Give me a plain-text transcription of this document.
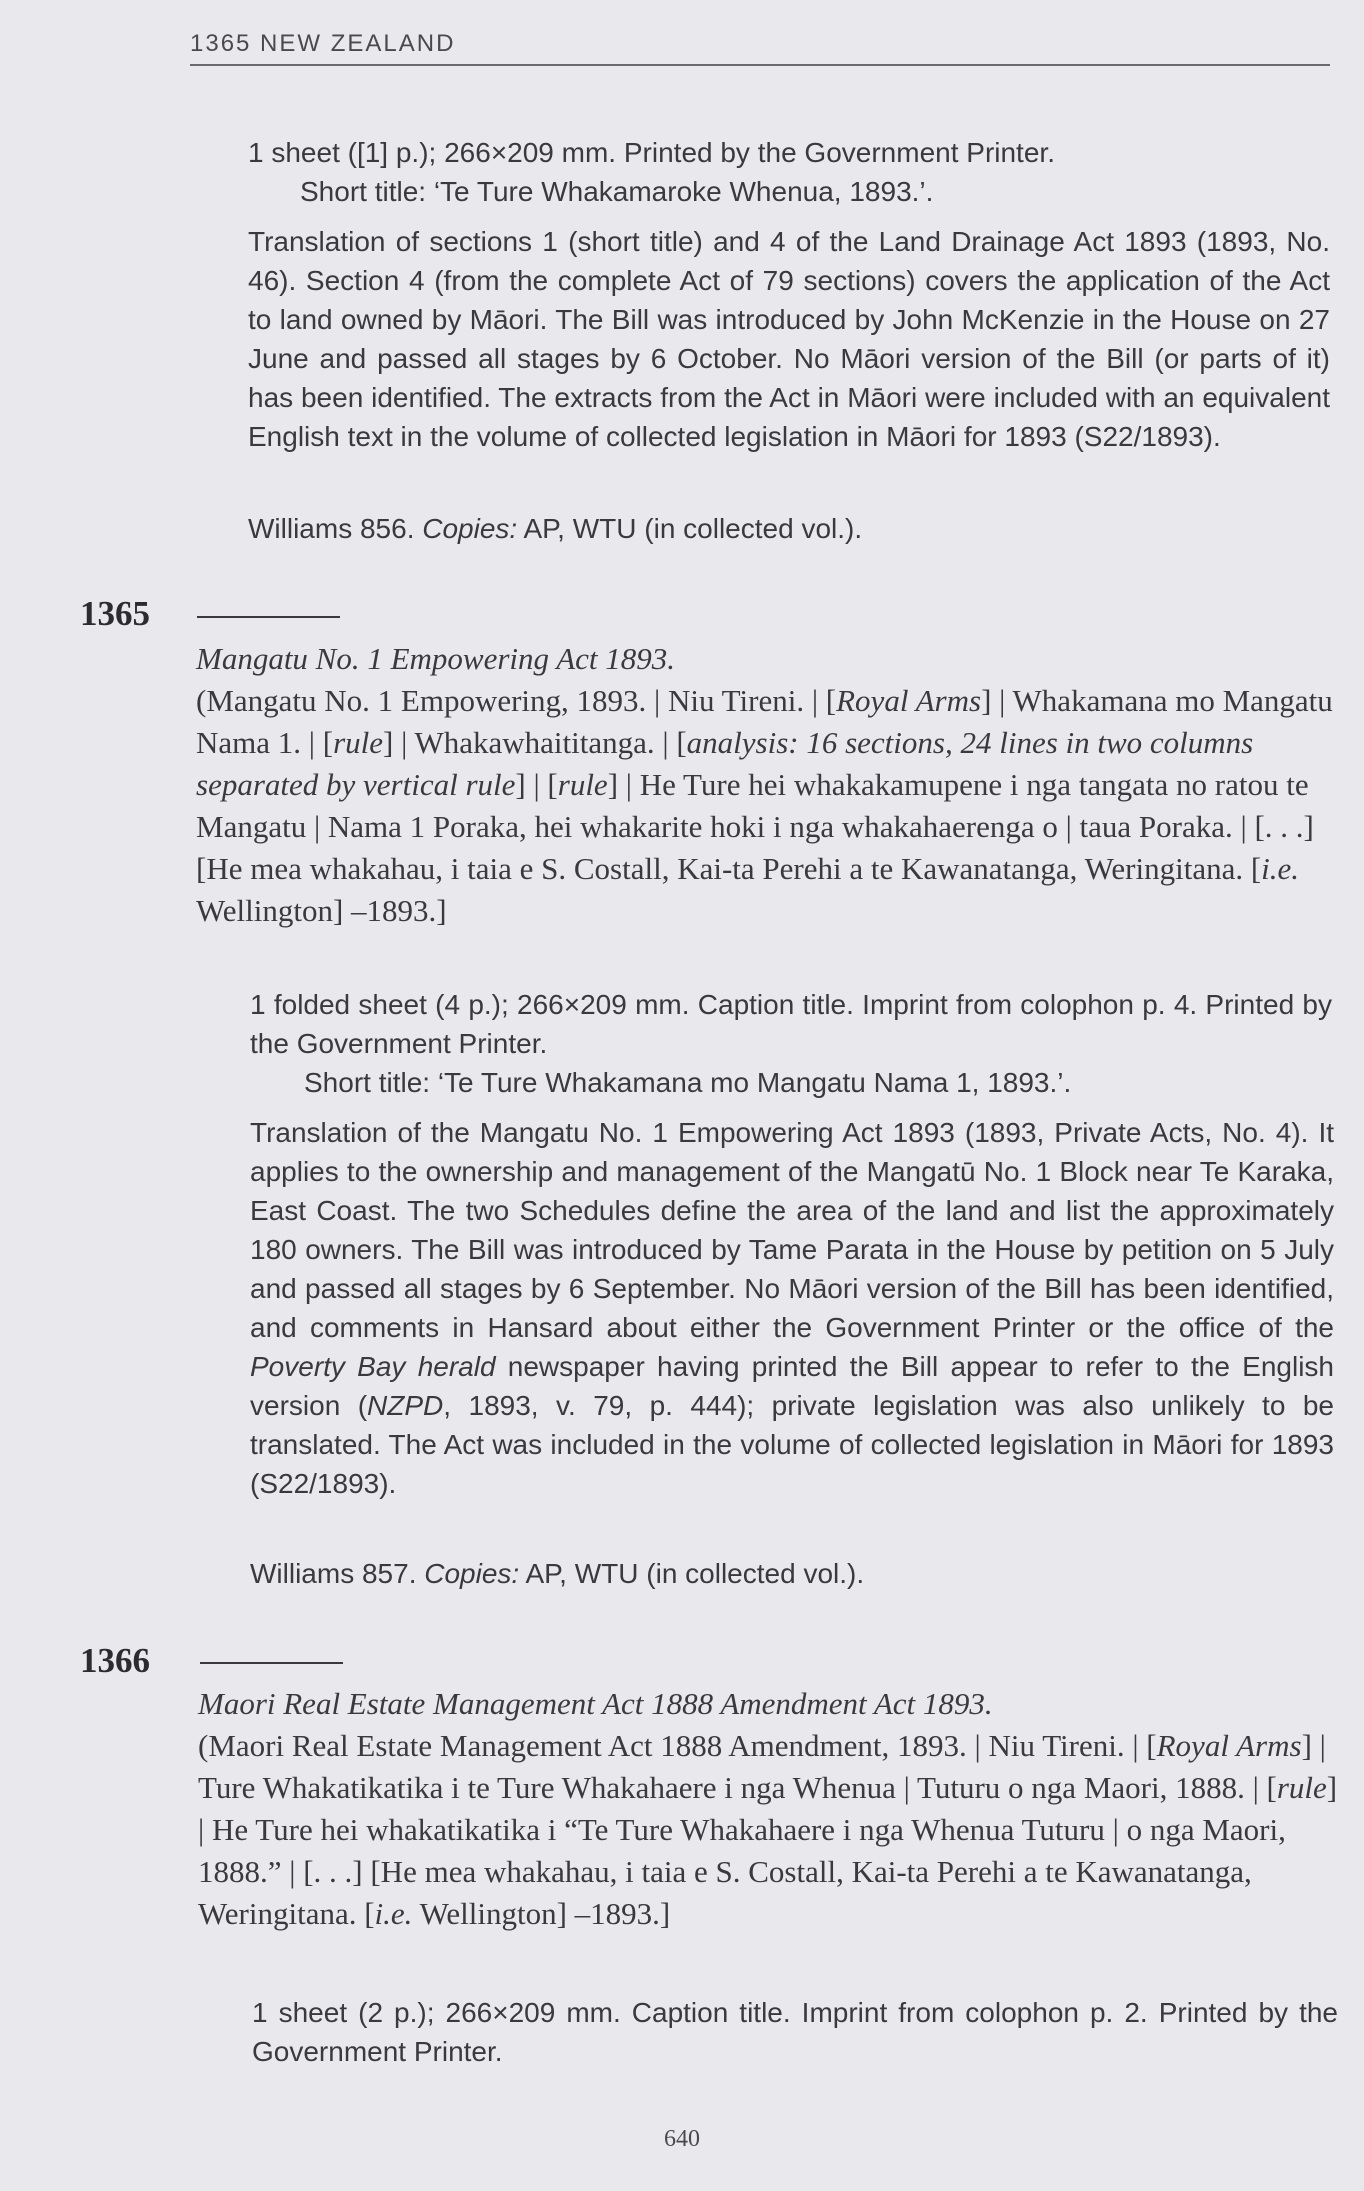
1365 NEW ZEALAND

1 sheet ([1] p.); 266×209 mm. Printed by the Government Printer.

Short title: ‘Te Ture Whakamaroke Whenua, 1893.’.

Translation of sections 1 (short title) and 4 of the Land Drainage Act 1893 (1893, No. 46). Section 4 (from the complete Act of 79 sections) covers the application of the Act to land owned by Māori. The Bill was introduced by John McKenzie in the House on 27 June and passed all stages by 6 October. No Māori version of the Bill (or parts of it) has been identified. The extracts from the Act in Māori were included with an equivalent English text in the volume of collected legislation in Māori for 1893 (S22/1893).

Williams 856. Copies: AP, WTU (in collected vol.).

1365

Mangatu No. 1 Empowering Act 1893.

(Mangatu No. 1 Empowering, 1893. | Niu Tireni. | [Royal Arms] | Whakamana mo Mangatu Nama 1. | [rule] | Whakawhaititanga. | [analysis: 16 sections, 24 lines in two columns separated by vertical rule] | [rule] | He Ture hei whakakamupene i nga tangata no ratou te Mangatu | Nama 1 Poraka, hei whakarite hoki i nga whakahaerenga o | taua Poraka. | [. . .] [He mea whakahau, i taia e S. Costall, Kai-ta Perehi a te Kawanatanga, Weringitana. [i.e. Wellington] –1893.]

1 folded sheet (4 p.); 266×209 mm. Caption title. Imprint from colophon p. 4. Printed by the Government Printer.

Short title: ‘Te Ture Whakamana mo Mangatu Nama 1, 1893.’.

Translation of the Mangatu No. 1 Empowering Act 1893 (1893, Private Acts, No. 4). It applies to the ownership and management of the Mangatū No. 1 Block near Te Karaka, East Coast. The two Schedules define the area of the land and list the approximately 180 owners. The Bill was introduced by Tame Parata in the House by petition on 5 July and passed all stages by 6 September. No Māori version of the Bill has been identified, and comments in Hansard about either the Government Printer or the office of the Poverty Bay herald newspaper having printed the Bill appear to refer to the English version (NZPD, 1893, v. 79, p. 444); private legislation was also unlikely to be translated. The Act was included in the volume of collected legislation in Māori for 1893 (S22/1893).

Williams 857. Copies: AP, WTU (in collected vol.).

1366

Maori Real Estate Management Act 1888 Amendment Act 1893.

(Maori Real Estate Management Act 1888 Amendment, 1893. | Niu Tireni. | [Royal Arms] | Ture Whakatikatika i te Ture Whakahaere i nga Whenua | Tuturu o nga Maori, 1888. | [rule] | He Ture hei whakatikatika i “Te Ture Whakahaere i nga Whenua Tuturu | o nga Maori, 1888.” | [. . .] [He mea whakahau, i taia e S. Costall, Kai-ta Perehi a te Kawanatanga, Weringitana. [i.e. Wellington] –1893.]

1 sheet (2 p.); 266×209 mm. Caption title. Imprint from colophon p. 2. Printed by the Government Printer.

640
